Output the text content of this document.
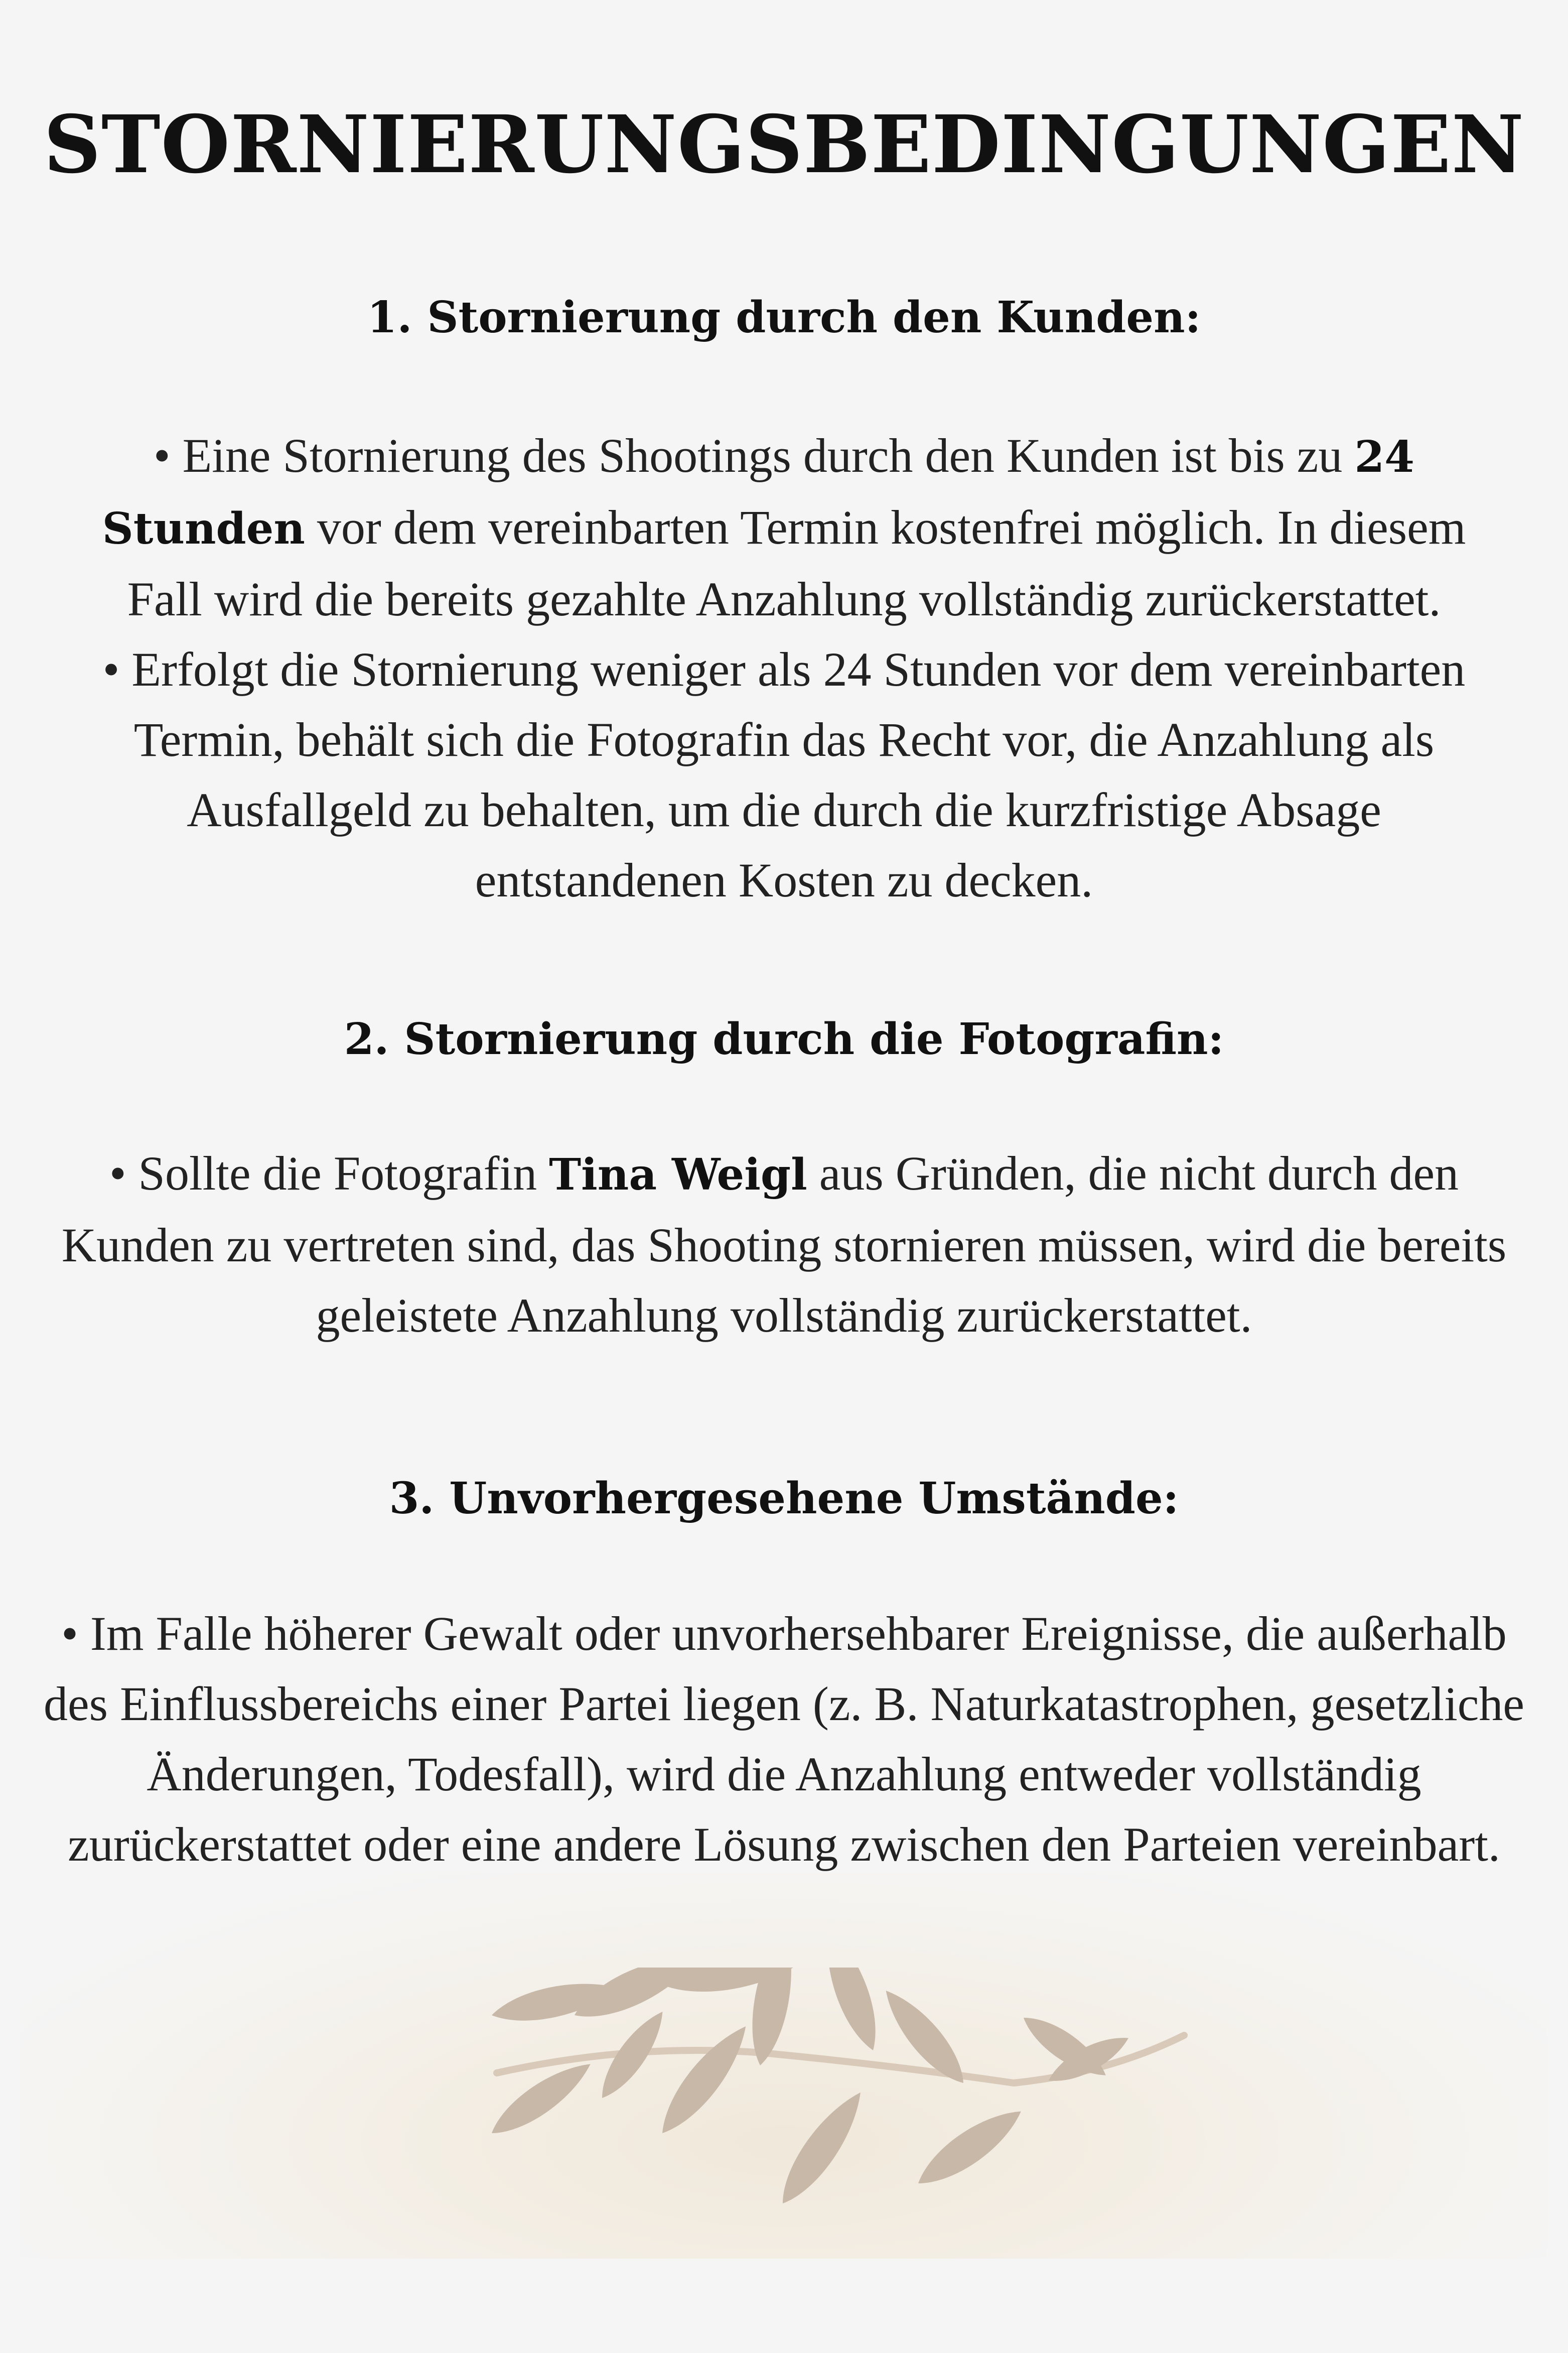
STORNIERUNGSBEDINGUNGEN
1. Stornierung durch den Kunden:

• Eine Stornierung des Shootings durch den Kunden ist bis zu 24
Stunden vor dem vereinbarten Termin kostenfrei möglich. In diesem
Fall wird die bereits gezahlte Anzahlung vollständig zurückerstattet.
• Erfolgt die Stornierung weniger als 24 Stunden vor dem vereinbarten
Termin, behält sich die Fotografin das Recht vor, die Anzahlung als
Ausfallgeld zu behalten, um die durch die kurzfristige Absage
entstandenen Kosten zu decken.

2. Stornierung durch die Fotografin:

• Sollte die Fotografin Tina Weigl aus Gründen, die nicht durch den
Kunden zu vertreten sind, das Shooting stornieren müssen, wird die bereits
geleistete Anzahlung vollständig zurückerstattet.

3. Unvorhergesehene Umstände:

• Im Falle höherer Gewalt oder unvorhersehbarer Ereignisse, die außerhalb
des Einflussbereichs einer Partei liegen (z. B. Naturkatastrophen, gesetzliche
Änderungen, Todesfall), wird die Anzahlung entweder vollständig
zurückerstattet oder eine andere Lösung zwischen den Parteien vereinbart.
